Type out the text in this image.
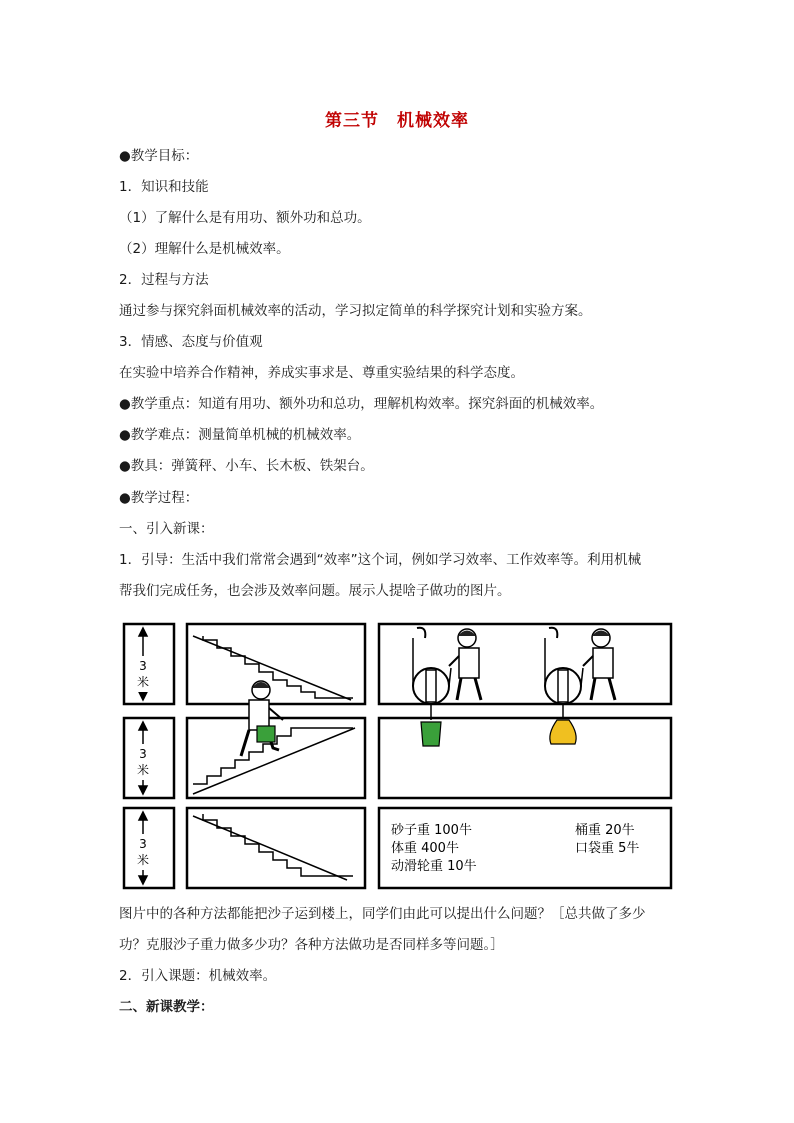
第三节　机械效率
●教学目标：
1．知识和技能
（1）了解什么是有用功、额外功和总功。
（2）理解什么是机械效率。
2．过程与方法
通过参与探究斜面机械效率的活动，学习拟定简单的科学探究计划和实验方案。
3．情感、态度与价值观
在实验中培养合作精神，养成实事求是、尊重实验结果的科学态度。
●教学重点：知道有用功、额外功和总功，理解机构效率。探究斜面的机械效率。
●教学难点：测量简单机械的机械效率。
●教具：弹簧秤、小车、长木板、铁架台。
●教学过程：
一、引入新课：
1．引导：生活中我们常常会遇到“效率”这个词，例如学习效率、工作效率等。利用机械
帮我们完成任务，也会涉及效率问题。展示人提啥子做功的图片。
3
米
3
米
3
米
砂子重 100牛
体重 400牛
动滑轮重 10牛
桶重 20牛
口袋重 5牛
图片中的各种方法都能把沙子运到楼上，同学们由此可以提出什么问题？［总共做了多少
功？克服沙子重力做多少功？各种方法做功是否同样多等问题。］
2．引入课题：机械效率。
二、新课教学：
